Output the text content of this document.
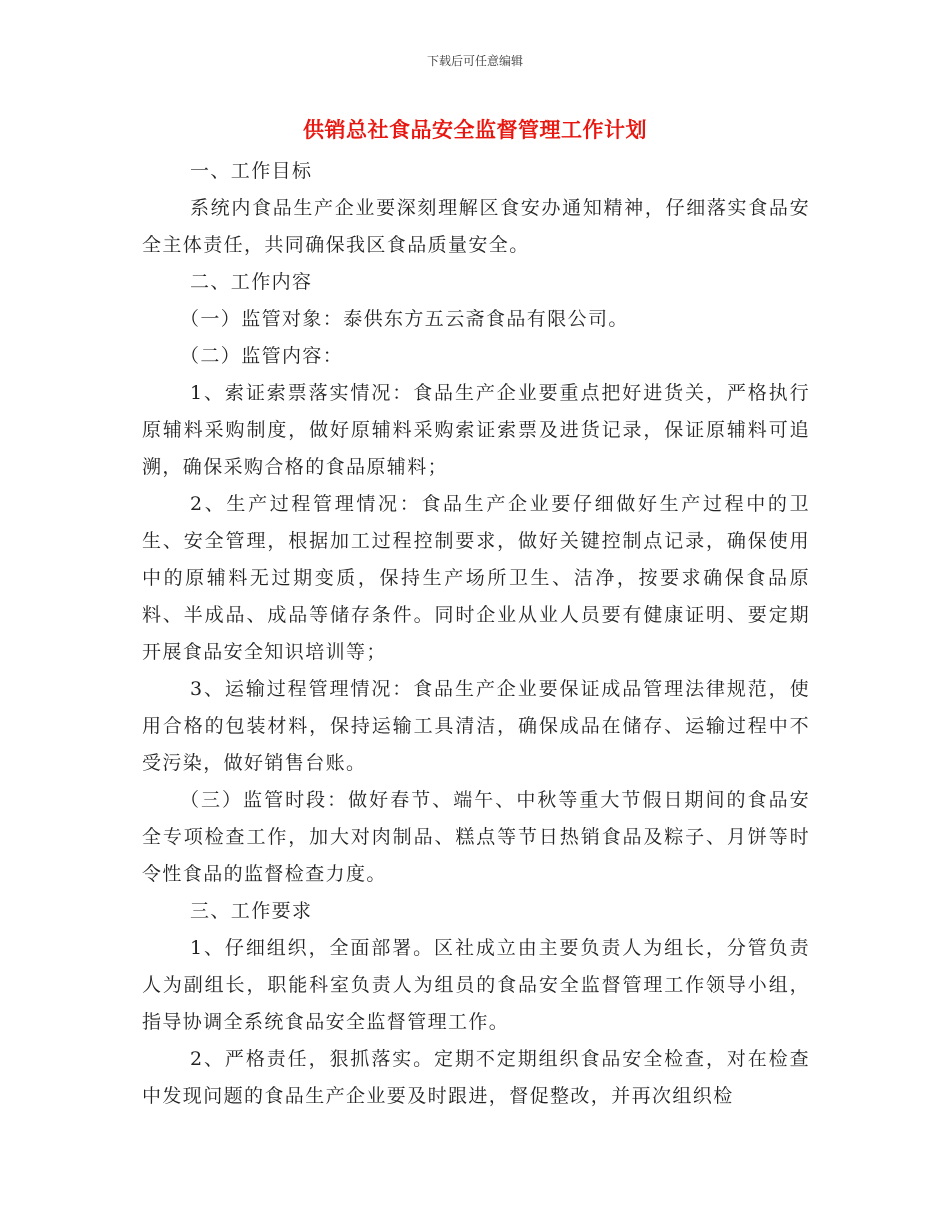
下载后可任意编辑
供销总社食品安全监督管理工作计划

一、工作目标

系统内食品生产企业要深刻理解区食安办通知精神，仔细落实食品安全主体责任，共同确保我区食品质量安全。

二、工作内容

（一）监管对象：泰供东方五云斋食品有限公司。

（二）监管内容：

1、索证索票落实情况：食品生产企业要重点把好进货关，严格执行原辅料采购制度，做好原辅料采购索证索票及进货记录，保证原辅料可追溯，确保采购合格的食品原辅料；

2、生产过程管理情况：食品生产企业要仔细做好生产过程中的卫生、安全管理，根据加工过程控制要求，做好关键控制点记录，确保使用中的原辅料无过期变质，保持生产场所卫生、洁净，按要求确保食品原料、半成品、成品等储存条件。同时企业从业人员要有健康证明、要定期开展食品安全知识培训等；

3、运输过程管理情况：食品生产企业要保证成品管理法律规范，使用合格的包装材料，保持运输工具清洁，确保成品在储存、运输过程中不受污染，做好销售台账。

（三）监管时段：做好春节、端午、中秋等重大节假日期间的食品安全专项检查工作，加大对肉制品、糕点等节日热销食品及粽子、月饼等时令性食品的监督检查力度。

三、工作要求

1、仔细组织，全面部署。区社成立由主要负责人为组长，分管负责人为副组长，职能科室负责人为组员的食品安全监督管理工作领导小组，指导协调全系统食品安全监督管理工作。

2、严格责任，狠抓落实。定期不定期组织食品安全检查，对在检查中发现问题的食品生产企业要及时跟进，督促整改，并再次组织检
